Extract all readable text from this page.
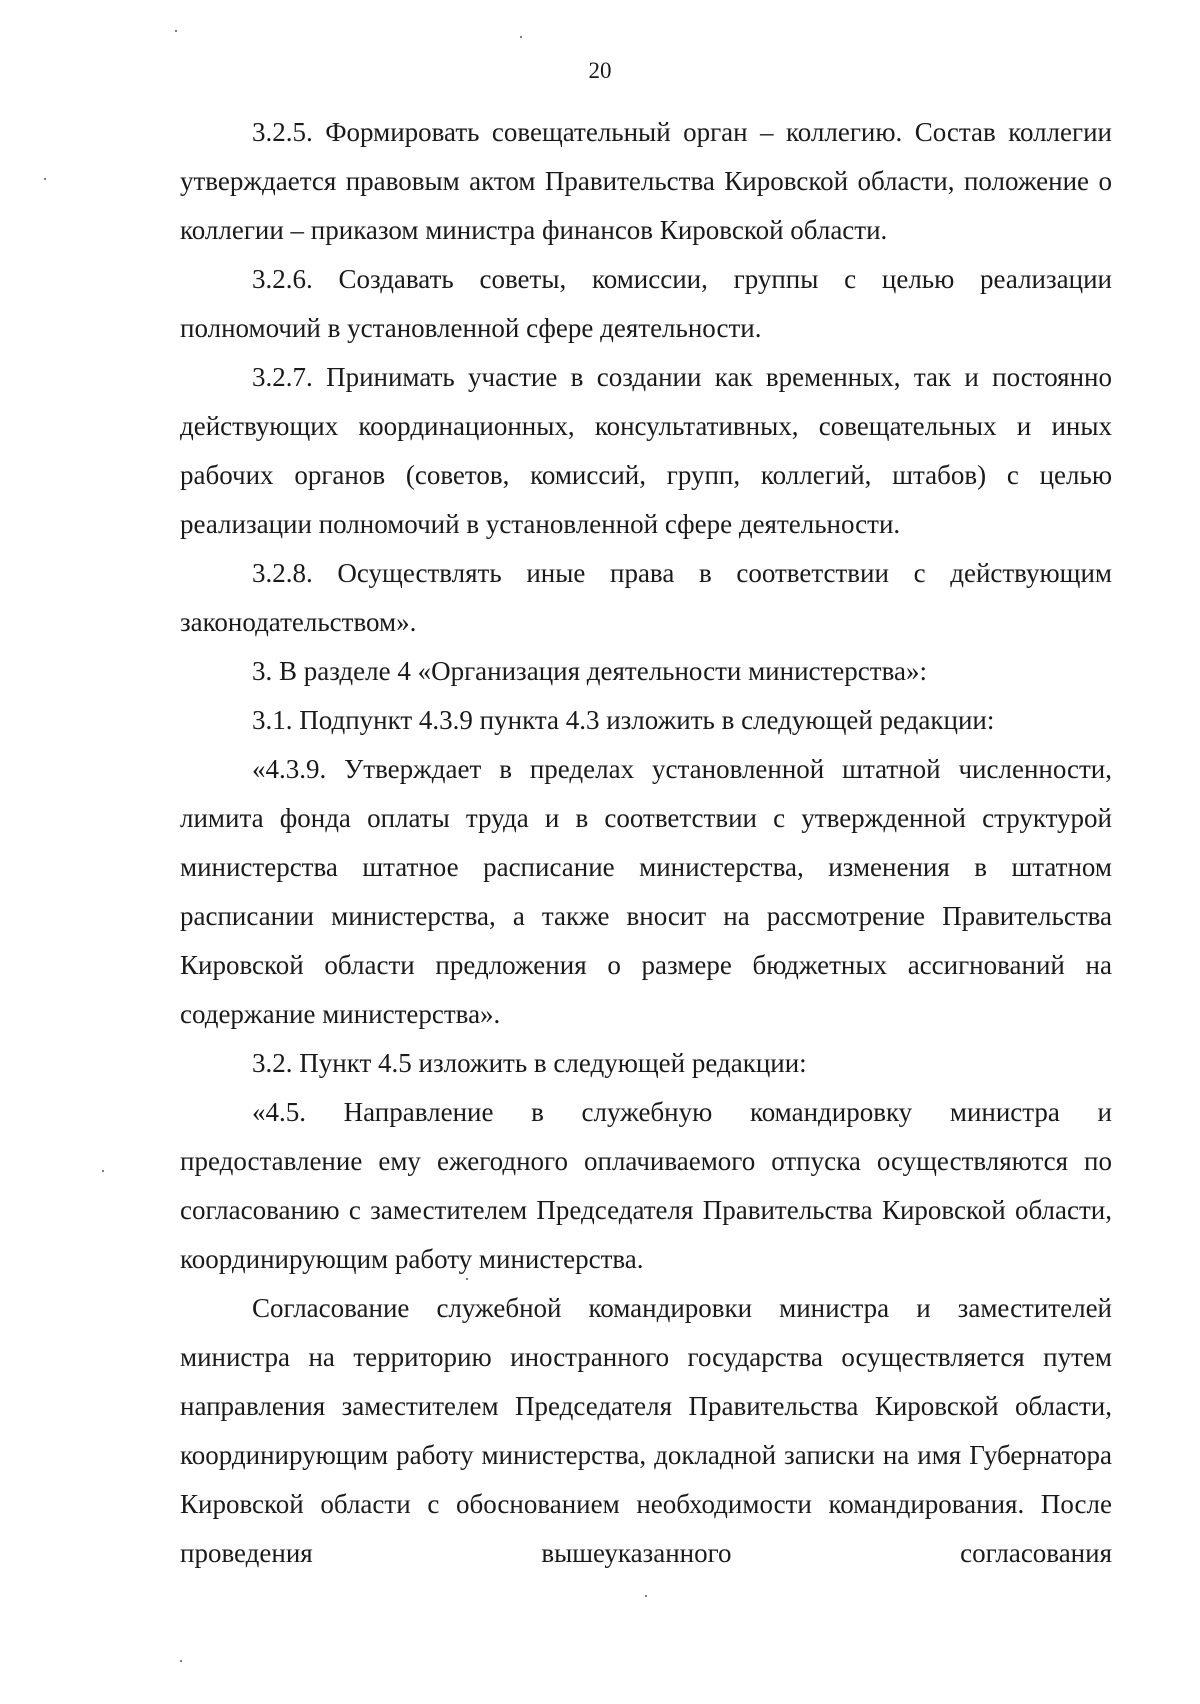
20

3.2.5. Формировать совещательный орган – коллегию. Состав коллегии утверждается правовым актом Правительства Кировской области, положение о коллегии – приказом министра финансов Кировской области.

3.2.6. Создавать советы, комиссии, группы с целью реализации полномочий в установленной сфере деятельности.

3.2.7. Принимать участие в создании как временных, так и постоянно действующих координационных, консультативных, совещательных и иных рабочих органов (советов, комиссий, групп, коллегий, штабов) с целью реализации полномочий в установленной сфере деятельности.

3.2.8. Осуществлять иные права в соответствии с действующим законодательством».

3. В разделе 4 «Организация деятельности министерства»:

3.1. Подпункт 4.3.9 пункта 4.3 изложить в следующей редакции:

«4.3.9. Утверждает в пределах установленной штатной численности, лимита фонда оплаты труда и в соответствии с утвержденной структурой министерства штатное расписание министерства, изменения в штатном расписании министерства, а также вносит на рассмотрение Правительства Кировской области предложения о размере бюджетных ассигнований на содержание министерства».

3.2. Пункт 4.5 изложить в следующей редакции:

«4.5. Направление в служебную командировку министра и предоставление ему ежегодного оплачиваемого отпуска осуществляются по согласованию с заместителем Председателя Правительства Кировской области, координирующим работу министерства.

Согласование служебной командировки министра и заместителей министра на территорию иностранного государства осуществляется путем направления заместителем Председателя Правительства Кировской области, координирующим работу министерства, докладной записки на имя Губернатора Кировской области с обоснованием необходимости командирования. После проведения вышеуказанного согласования
